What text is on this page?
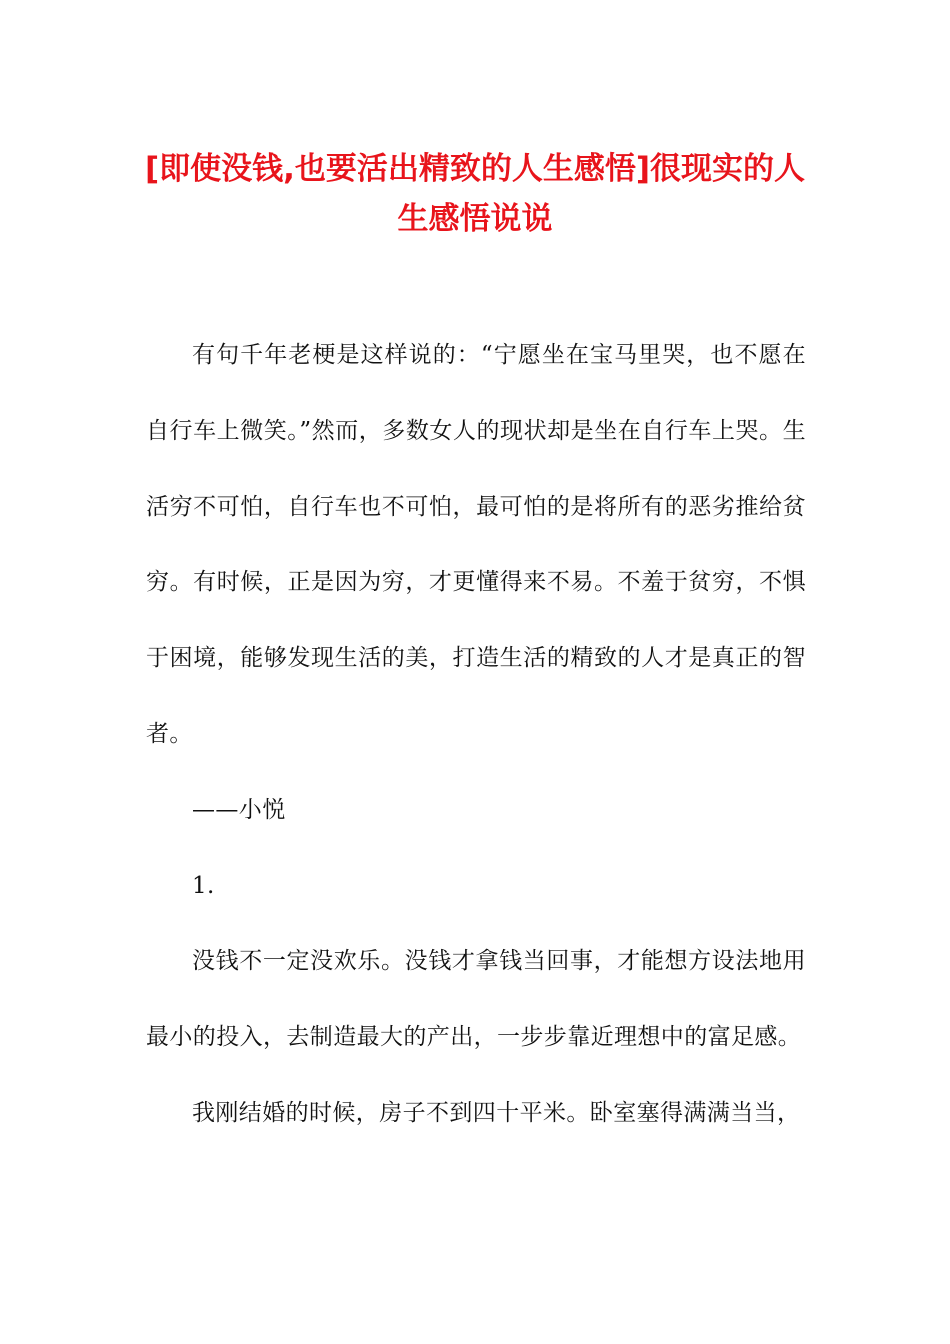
[即使没钱,也要活出精致的人生感悟]很现实的人生感悟说说

有句千年老梗是这样说的：“宁愿坐在宝马里哭，也不愿在自行车上微笑。”然而，多数女人的现状却是坐在自行车上哭。生活穷不可怕，自行车也不可怕，最可怕的是将所有的恶劣推给贫穷。有时候，正是因为穷，才更懂得来不易。不羞于贫穷，不惧于困境，能够发现生活的美，打造生活的精致的人才是真正的智者。

——小悦

1.

没钱不一定没欢乐。没钱才拿钱当回事，才能想方设法地用最小的投入，去制造最大的产出，一步步靠近理想中的富足感。

我刚结婚的时候，房子不到四十平米。卧室塞得满满当当，
